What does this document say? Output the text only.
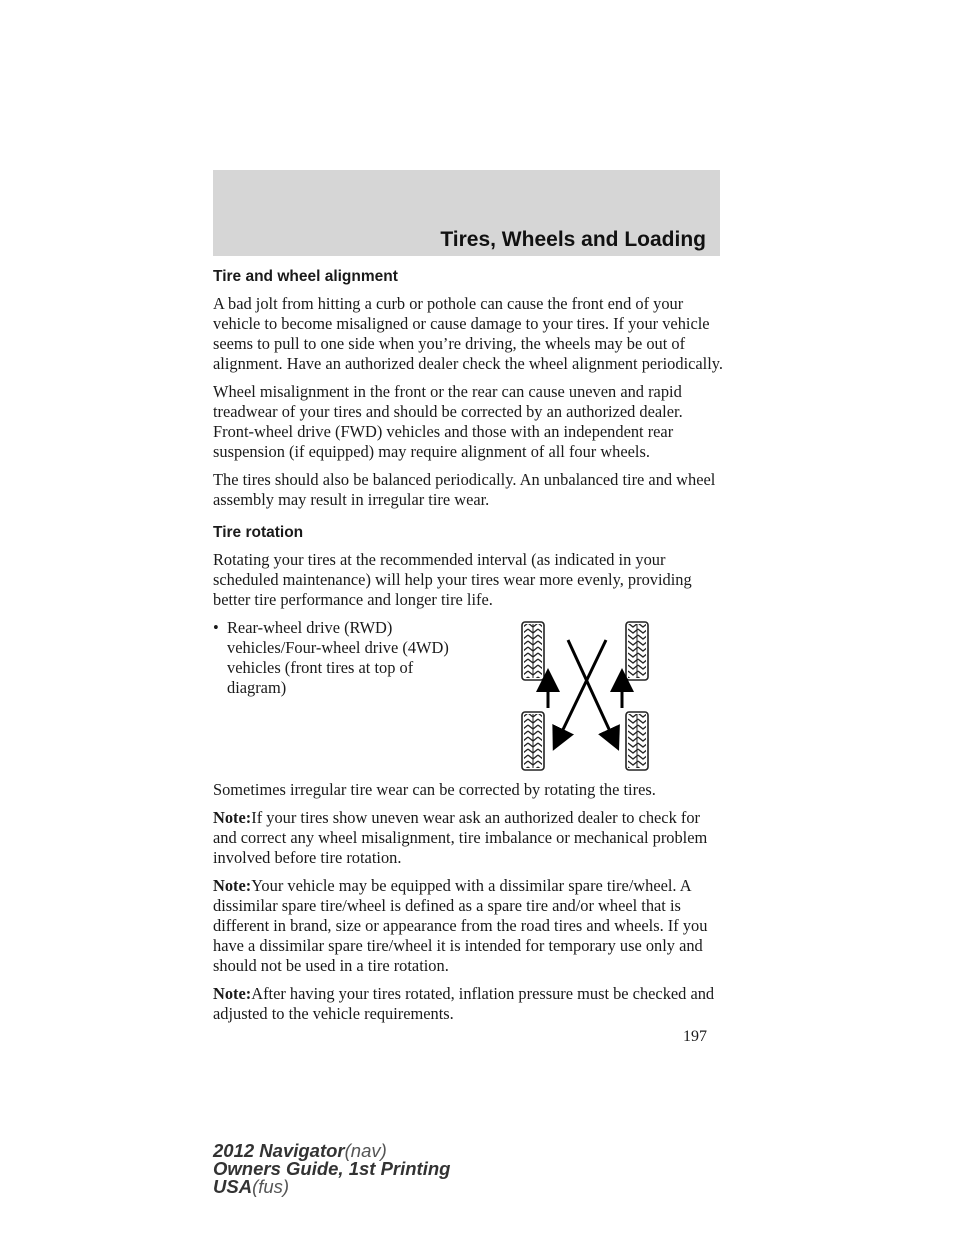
Tires, Wheels and Loading
Tire and wheel alignment

A bad jolt from hitting a curb or pothole can cause the front end of your vehicle to become misaligned or cause damage to your tires. If your vehicle seems to pull to one side when you’re driving, the wheels may be out of alignment. Have an authorized dealer check the wheel alignment periodically.

Wheel misalignment in the front or the rear can cause uneven and rapid treadwear of your tires and should be corrected by an authorized dealer. Front-wheel drive (FWD) vehicles and those with an independent rear suspension (if equipped) may require alignment of all four wheels.

The tires should also be balanced periodically. An unbalanced tire and wheel assembly may result in irregular tire wear.

Tire rotation

Rotating your tires at the recommended interval (as indicated in your scheduled maintenance) will help your tires wear more evenly, providing better tire performance and longer tire life.

• Rear-wheel drive (RWD) vehicles/Four-wheel drive (4WD) vehicles (front tires at top of diagram)

Sometimes irregular tire wear can be corrected by rotating the tires.

Note:If your tires show uneven wear ask an authorized dealer to check for and correct any wheel misalignment, tire imbalance or mechanical problem involved before tire rotation.

Note:Your vehicle may be equipped with a dissimilar spare tire/wheel. A dissimilar spare tire/wheel is defined as a spare tire and/or wheel that is different in brand, size or appearance from the road tires and wheels. If you have a dissimilar spare tire/wheel it is intended for temporary use only and should not be used in a tire rotation.

Note:After having your tires rotated, inflation pressure must be checked and adjusted to the vehicle requirements.

197
2012 Navigator(nav)
Owners Guide, 1st Printing
USA(fus)
